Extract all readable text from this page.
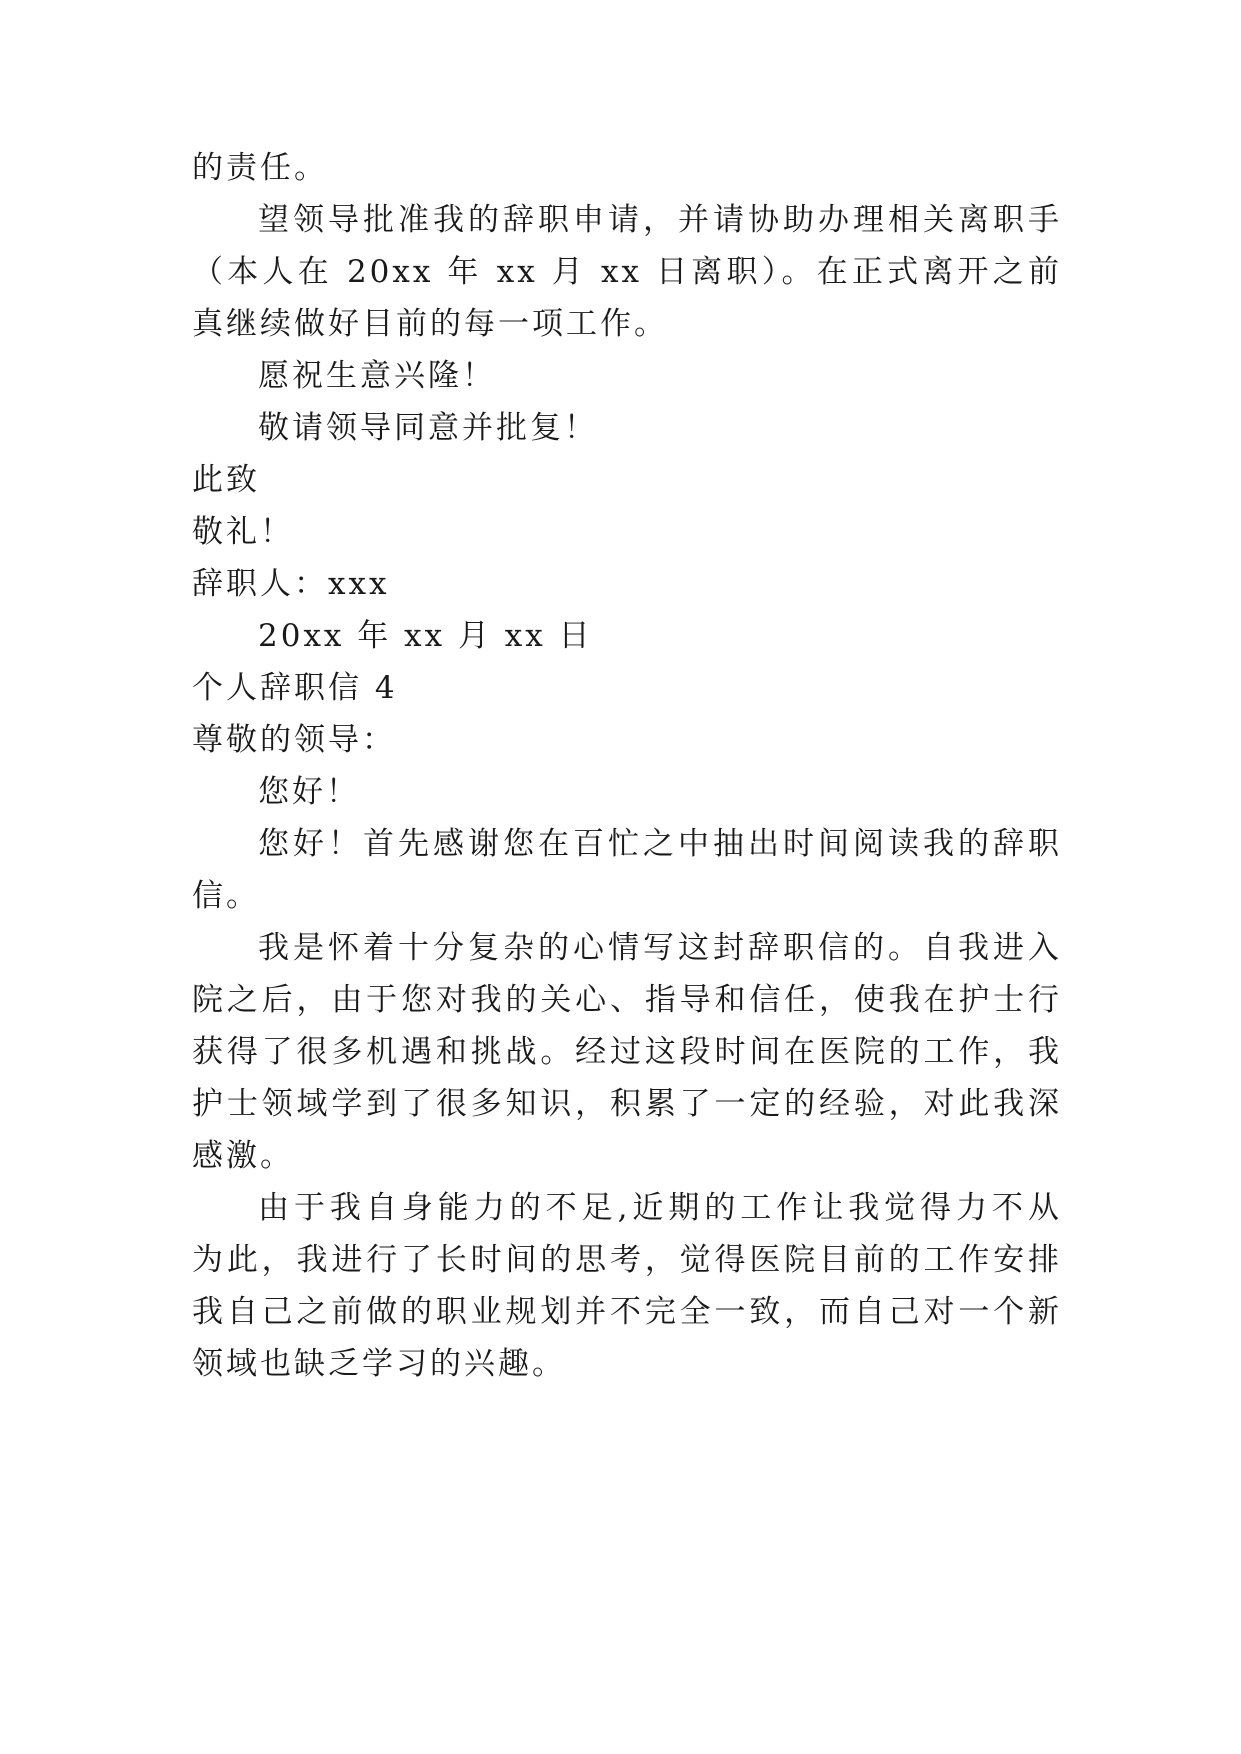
的责任。
望领导批准我的辞职申请，并请协助办理相关离职手
（本人在 20xx 年 xx 月 xx 日离职）。在正式离开之前
真继续做好目前的每一项工作。
愿祝生意兴隆！
敬请领导同意并批复！
此致
敬礼！
辞职人：xxx
20xx 年 xx 月 xx 日
个人辞职信 4
尊敬的领导：
您好！
您好！首先感谢您在百忙之中抽出时间阅读我的辞职
信。
我是怀着十分复杂的心情写这封辞职信的。自我进入
院之后，由于您对我的关心、指导和信任，使我在护士行
获得了很多机遇和挑战。经过这段时间在医院的工作，我
护士领域学到了很多知识，积累了一定的经验，对此我深
感激。
由于我自身能力的不足,近期的工作让我觉得力不从
为此，我进行了长时间的思考，觉得医院目前的工作安排
我自己之前做的职业规划并不完全一致，而自己对一个新
领域也缺乏学习的兴趣。
